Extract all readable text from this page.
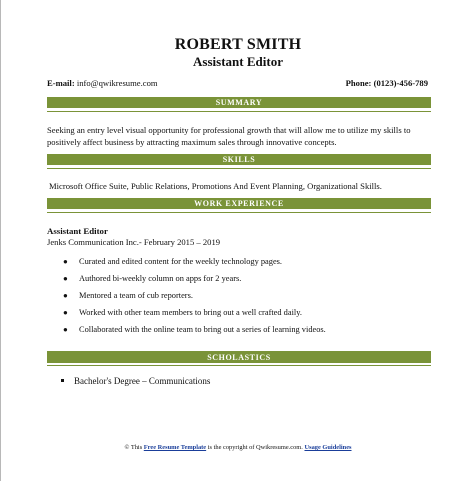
ROBERT SMITH
Assistant Editor
E-mail: info@qwikresume.com	Phone: (0123)-456-789
SUMMARY
Seeking an entry level visual opportunity for professional growth that will allow me to utilize my skills to positively affect business by attracting maximum sales through innovative concepts.
SKILLS
Microsoft Office Suite, Public Relations, Promotions And Event Planning, Organizational Skills.
WORK EXPERIENCE
Assistant Editor
Jenks Communication Inc.- February 2015 – 2019
● Curated and edited content for the weekly technology pages.
● Authored bi-weekly column on apps for 2 years.
● Mentored a team of cub reporters.
● Worked with other team members to bring out a well crafted daily.
● Collaborated with the online team to bring out a series of learning videos.
SCHOLASTICS
Bachelor's Degree – Communications
© This Free Resume Template is the copyright of Qwikresume.com. Usage Guidelines
